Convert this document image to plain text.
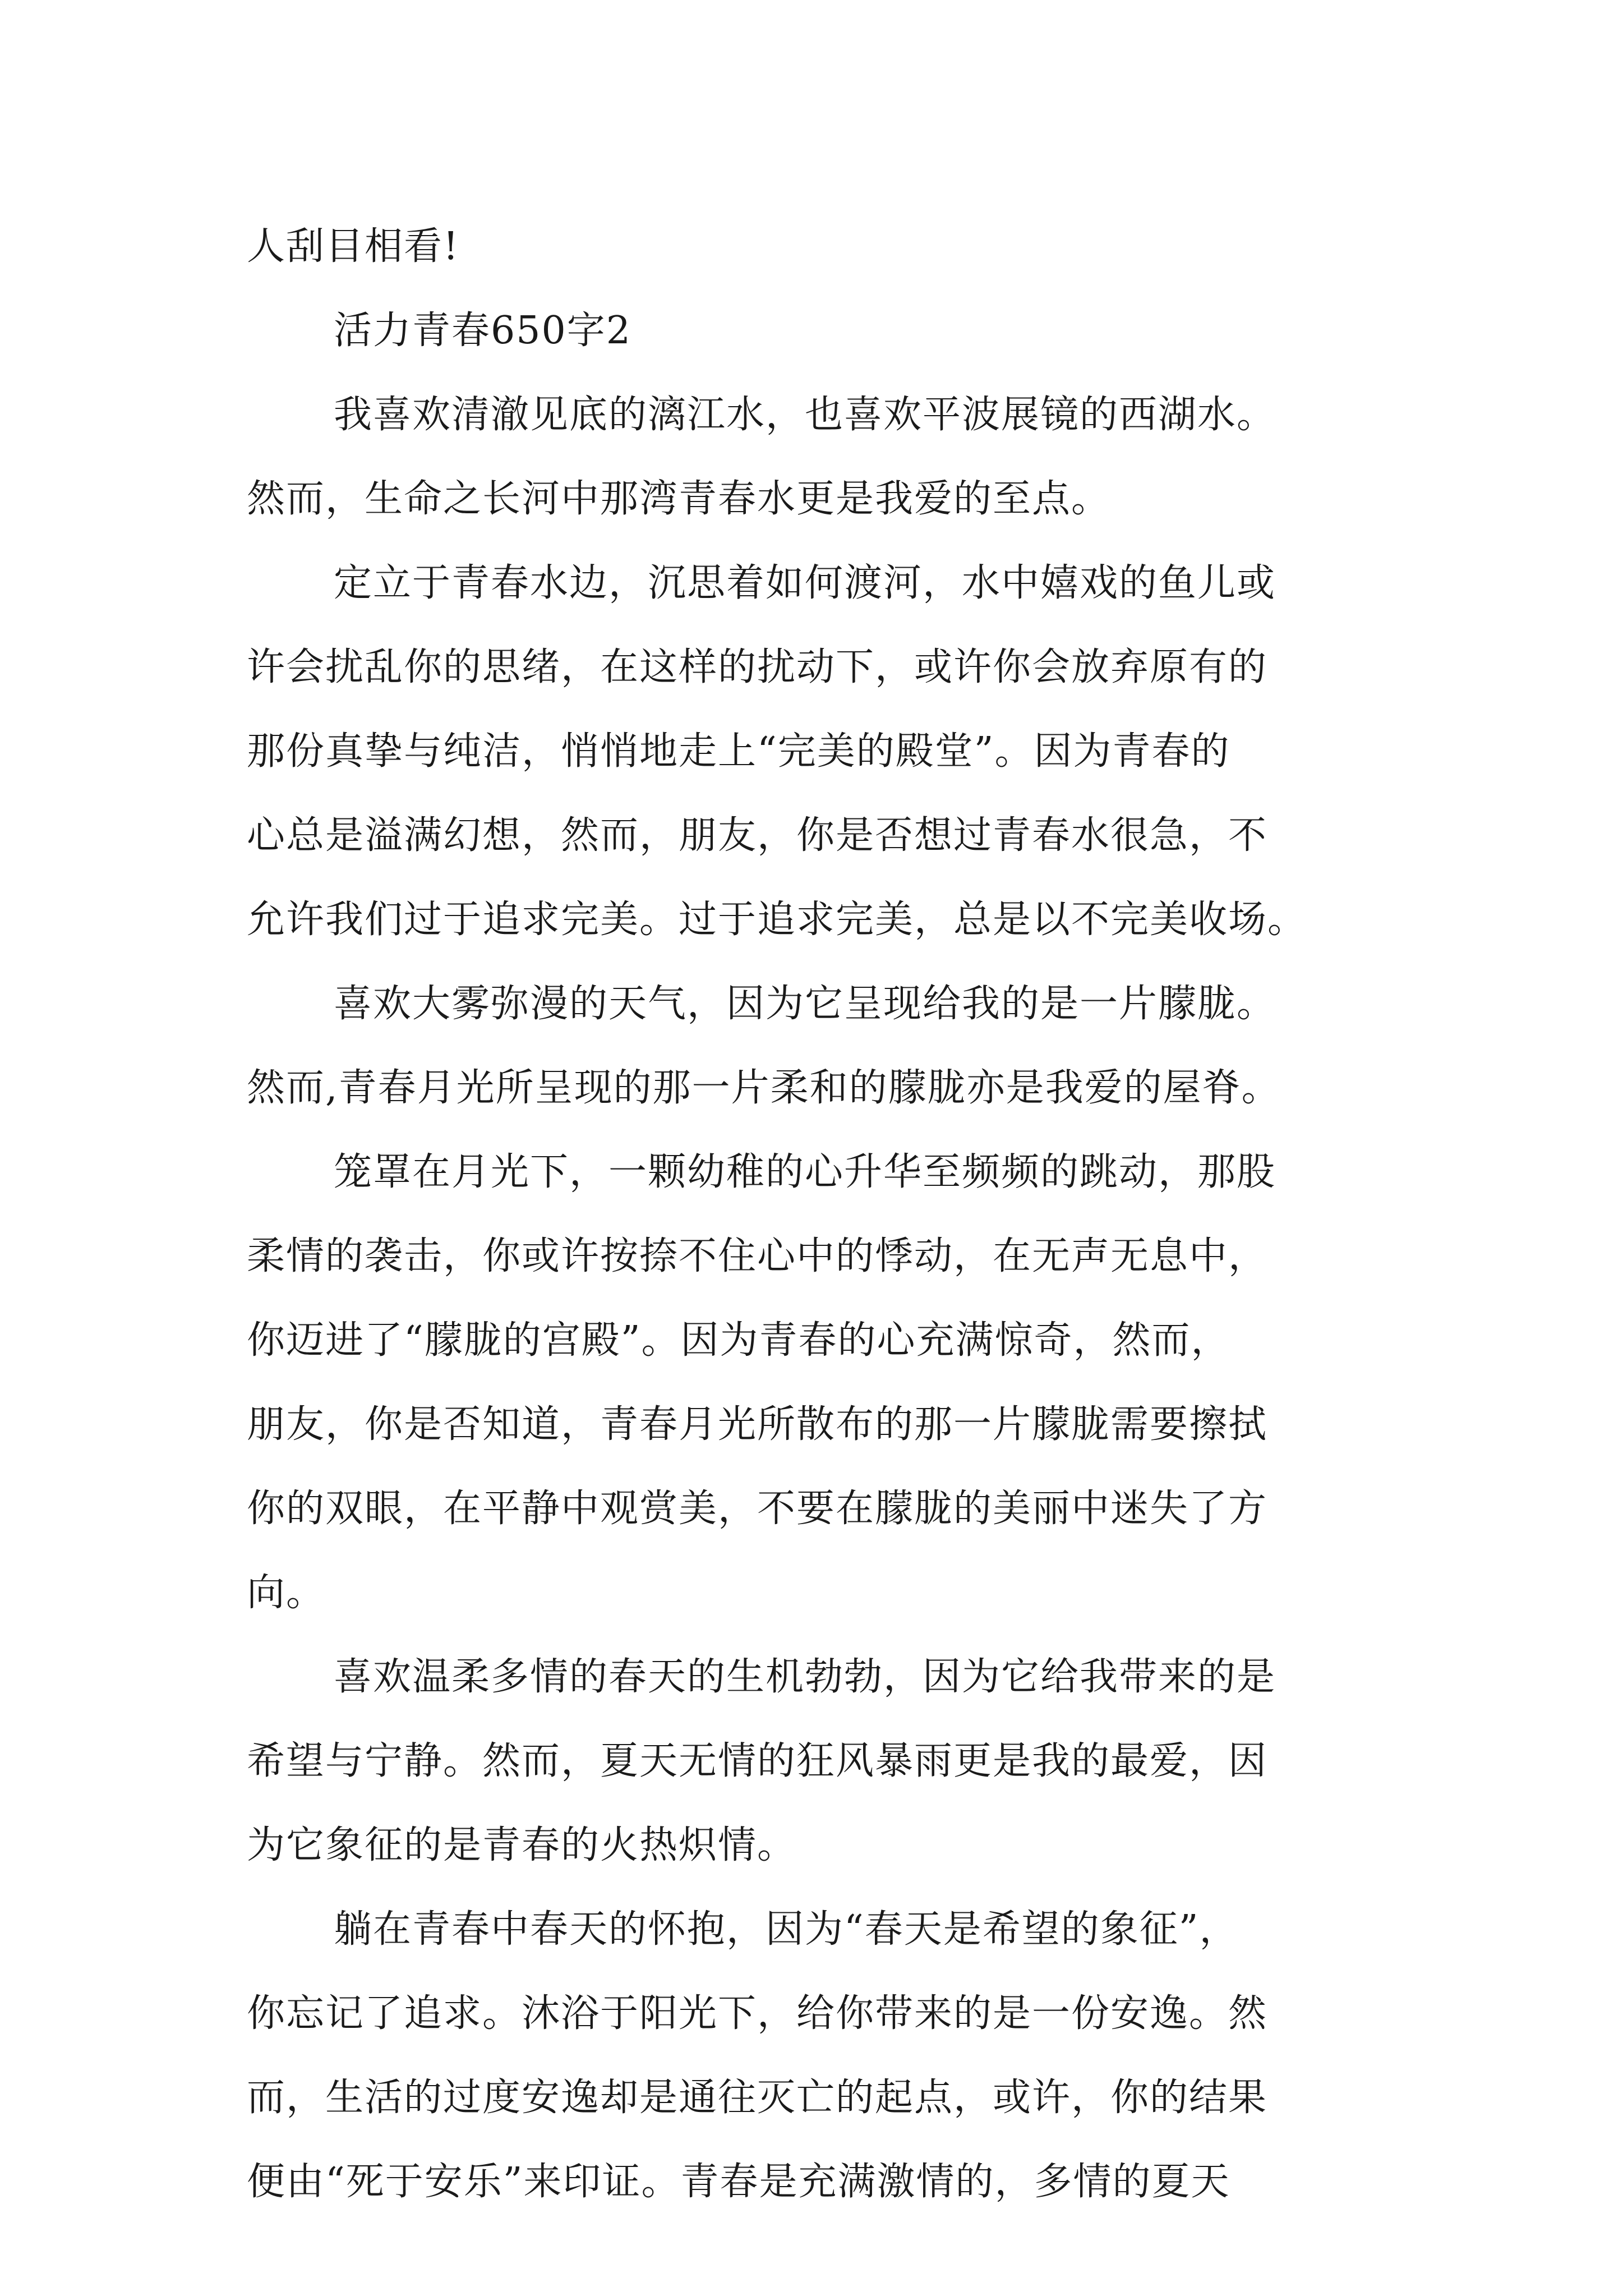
人刮目相看!
活力青春650字2
我喜欢清澈见底的漓江水，也喜欢平波展镜的西湖水。
然而，生命之长河中那湾青春水更是我爱的至点。
定立于青春水边，沉思着如何渡河，水中嬉戏的鱼儿或
许会扰乱你的思绪，在这样的扰动下，或许你会放弃原有的
那份真挚与纯洁，悄悄地走上“完美的殿堂”。因为青春的
心总是溢满幻想，然而，朋友，你是否想过青春水很急，不
允许我们过于追求完美。过于追求完美，总是以不完美收场。
喜欢大雾弥漫的天气，因为它呈现给我的是一片朦胧。
然而,青春月光所呈现的那一片柔和的朦胧亦是我爱的屋脊。
笼罩在月光下，一颗幼稚的心升华至频频的跳动，那股
柔情的袭击，你或许按捺不住心中的悸动，在无声无息中，
你迈进了“朦胧的宫殿”。因为青春的心充满惊奇，然而，
朋友，你是否知道，青春月光所散布的那一片朦胧需要擦拭
你的双眼，在平静中观赏美，不要在朦胧的美丽中迷失了方
向。
喜欢温柔多情的春天的生机勃勃，因为它给我带来的是
希望与宁静。然而，夏天无情的狂风暴雨更是我的最爱，因
为它象征的是青春的火热炽情。
躺在青春中春天的怀抱，因为“春天是希望的象征”，
你忘记了追求。沐浴于阳光下，给你带来的是一份安逸。然
而，生活的过度安逸却是通往灭亡的起点，或许，你的结果
便由“死于安乐”来印证。青春是充满激情的，多情的夏天
